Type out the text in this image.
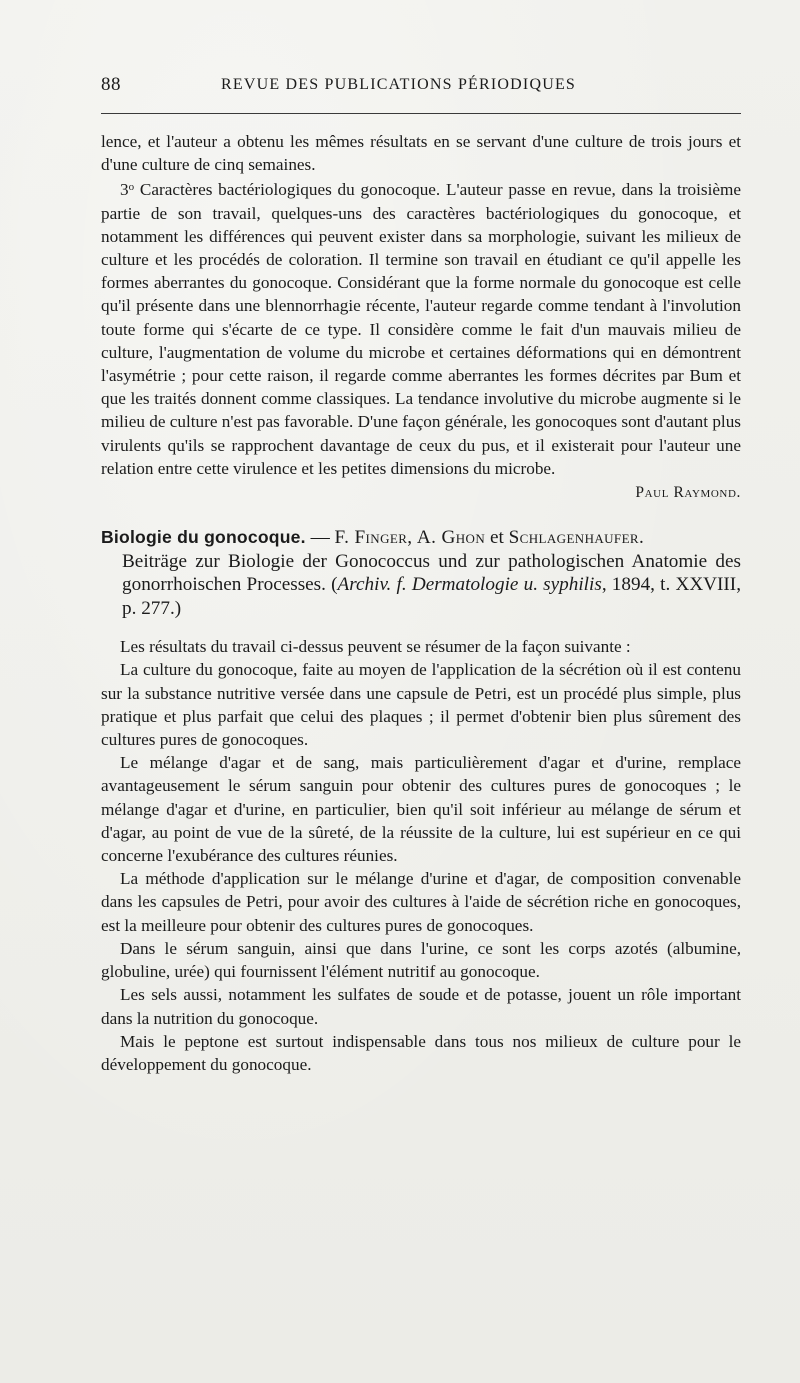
88	REVUE DES PUBLICATIONS PÉRIODIQUES

lence, et l'auteur a obtenu les mêmes résultats en se servant d'une culture de trois jours et d'une culture de cinq semaines.

3$^o$ Caractères bactériologiques du gonocoque. L'auteur passe en revue, dans la troisième partie de son travail, quelques-uns des caractères bactériologiques du gonocoque, et notamment les différences qui peuvent exister dans sa morphologie, suivant les milieux de culture et les procédés de coloration. Il termine son travail en étudiant ce qu'il appelle les formes aberrantes du gonocoque. Considérant que la forme normale du gonocoque est celle qu'il présente dans une blennorrhagie récente, l'auteur regarde comme tendant à l'involution toute forme qui s'écarte de ce type. Il considère comme le fait d'un mauvais milieu de culture, l'augmentation de volume du microbe et certaines déformations qui en démontrent l'asymétrie ; pour cette raison, il regarde comme aberrantes les formes décrites par Bum et que les traités donnent comme classiques. La tendance involutive du microbe augmente si le milieu de culture n'est pas favorable. D'une façon générale, les gonocoques sont d'autant plus virulents qu'ils se rapprochent davantage de ceux du pus, et il existerait pour l'auteur une relation entre cette virulence et les petites dimensions du microbe.

Paul Raymond.

Biologie du gonocoque. — F. Finger, A. Ghon et Schlagenhaufer.
Beiträge zur Biologie der Gonococcus und zur pathologischen Anatomie des gonorrhoischen Processes. (Archiv. f. Dermatologie u. syphilis, 1894, t. XXVIII, p. 277.)

Les résultats du travail ci-dessus peuvent se résumer de la façon suivante :

La culture du gonocoque, faite au moyen de l'application de la sécrétion où il est contenu sur la substance nutritive versée dans une capsule de Petri, est un procédé plus simple, plus pratique et plus parfait que celui des plaques ; il permet d'obtenir bien plus sûrement des cultures pures de gonocoques.

Le mélange d'agar et de sang, mais particulièrement d'agar et d'urine, remplace avantageusement le sérum sanguin pour obtenir des cultures pures de gonocoques ; le mélange d'agar et d'urine, en particulier, bien qu'il soit inférieur au mélange de sérum et d'agar, au point de vue de la sûreté, de la réussite de la culture, lui est supérieur en ce qui concerne l'exubérance des cultures réunies.

La méthode d'application sur le mélange d'urine et d'agar, de composition convenable dans les capsules de Petri, pour avoir des cultures à l'aide de sécrétion riche en gonocoques, est la meilleure pour obtenir des cultures pures de gonocoques.

Dans le sérum sanguin, ainsi que dans l'urine, ce sont les corps azotés (albumine, globuline, urée) qui fournissent l'élément nutritif au gonocoque.

Les sels aussi, notamment les sulfates de soude et de potasse, jouent un rôle important dans la nutrition du gonocoque.

Mais le peptone est surtout indispensable dans tous nos milieux de culture pour le développement du gonocoque.
